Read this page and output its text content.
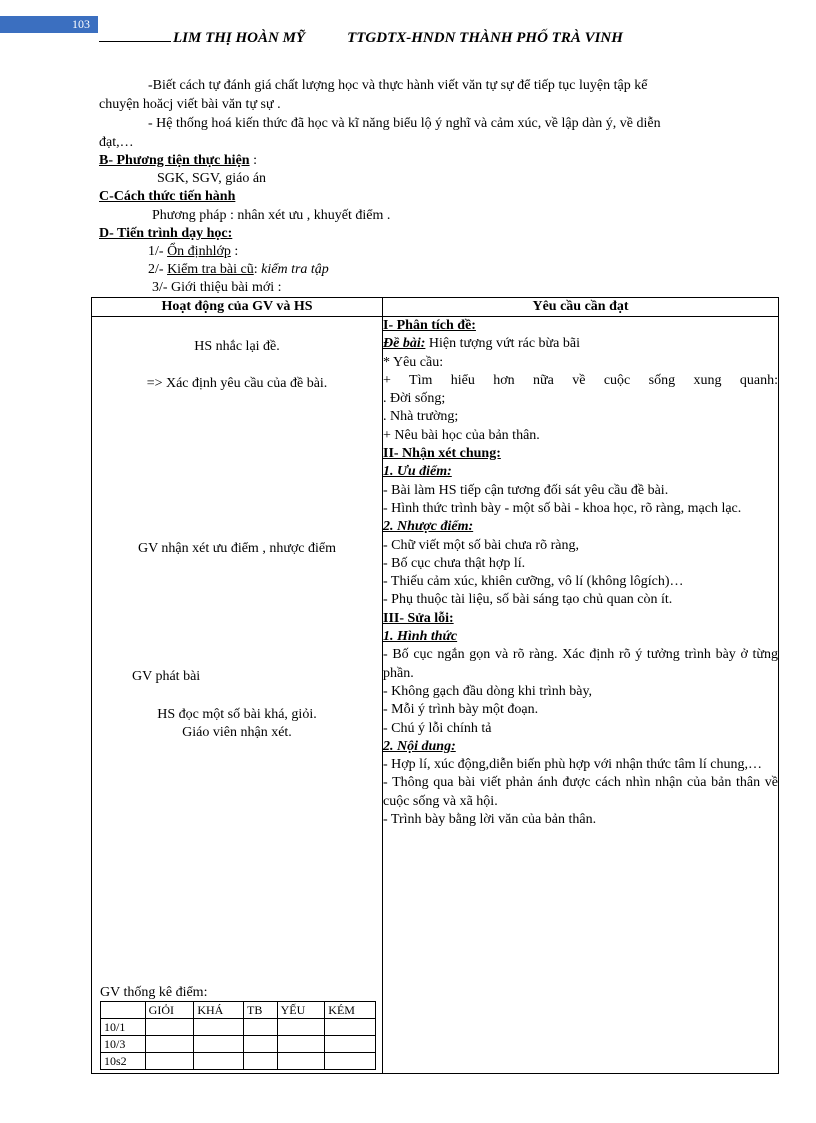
103
LIM THỊ HOÀN MỸ	TTGDTX-HNDN THÀNH PHỐ TRÀ VINH
-Biết cách tự đánh giá chất lượng học và thực hành viết văn tự sự để tiếp tục luyện tập kể
chuyện hoăcj viết bài văn tự sự .
- Hệ thống hoá kiến thức đã học và kĩ năng biểu lộ ý nghĩ và cảm xúc, về lập dàn ý, về diễn
đạt,…
B- Phương tiện thực hiện :
SGK, SGV, giáo án
C-Cách thức tiến hành
Phương pháp : nhân xét ưu , khuyết điểm .
D- Tiến trình dạy học:
1/- Ổn địnhlớp :
2/- Kiểm tra bài cũ: kiểm tra tập
3/- Giới thiệu bài mới :
Hoạt động của GV và HS	Yêu cầu cần đạt

HS nhắc lại đề.
=> Xác định yêu cầu của đề bài.
GV nhận xét ưu điểm , nhược điểm
GV phát bài
HS đọc một số bài khá, giỏi.
Giáo viên nhận xét.
GV thống kê điểm:
	GIỎI	KHÁ	TB	YẾU	KÉM
10/1					
10/3					
10s2					

I- Phân tích đề:
Đề bài: Hiện tượng vứt rác bừa bãi
* Yêu cầu:
+ Tìm hiểu hơn nữa về cuộc sống xung quanh:
. Đời sống;
. Nhà trường;
+ Nêu bài học của bản thân.
II- Nhận xét chung:
1. Ưu điểm:
- Bài làm HS tiếp cận tương đối sát yêu cầu đề bài.
- Hình thức trình bày - một số bài - khoa học, rõ ràng, mạch lạc.
2. Nhược điểm:
- Chữ viết một số bài chưa rõ ràng,
- Bố cục chưa thật hợp lí.
- Thiếu cảm xúc, khiên cưỡng, vô lí (không lôgích)…
- Phụ thuộc tài liệu, số bài sáng tạo chủ quan còn ít.
III- Sửa lỗi:
1. Hình thức
- Bố cục ngắn gọn và rõ ràng. Xác định rõ ý tưởng trình bày ở từng phần.
- Không gạch đầu dòng khi trình bày,
- Mỗi ý trình bày một đoạn.
- Chú ý lỗi chính tả
2. Nội dung:
- Hợp lí, xúc động,diễn biến phù hợp với nhận thức tâm lí chung,…
- Thông qua bài viết phản ánh được cách nhìn nhận của bản thân về cuộc sống và xã hội.
- Trình bày bằng lời văn của bản thân.
